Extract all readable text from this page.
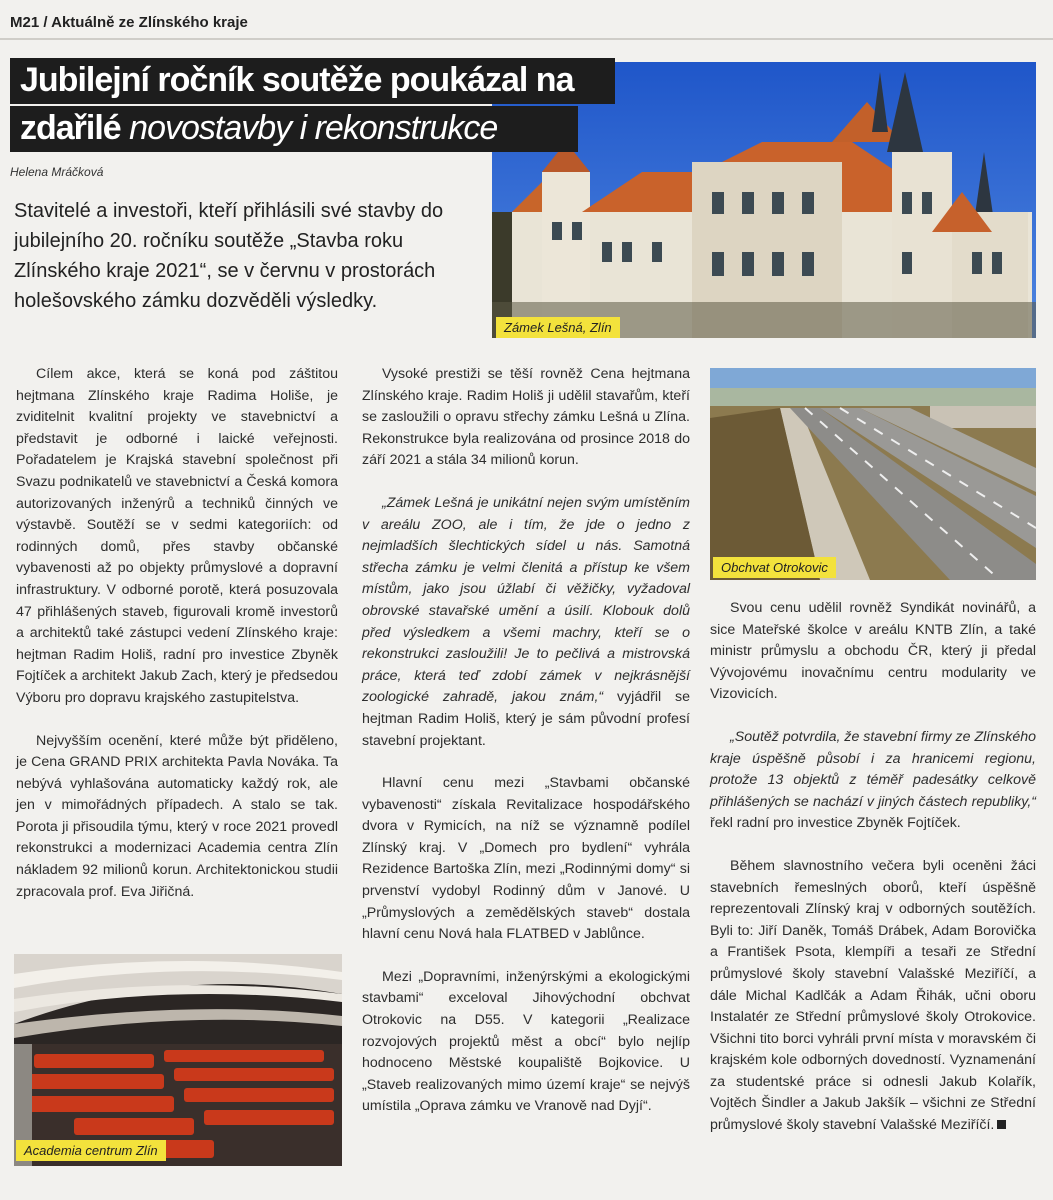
M21 / Aktuálně ze Zlínského kraje
Zámek Lešná, Zlín
Jubilejní ročník soutěže poukázal na
zdařilé novostavby i rekonstrukce
Helena Mráčková
Stavitelé a investoři, kteří přihlásili své stavby do jubilejního 20. ročníku soutěže „Stavba roku Zlínského kraje 2021“, se v červnu v prostorách holešovského zámku dozvěděli výsledky.

Cílem akce, která se koná pod záštitou hejtmana Zlínského kraje Radima Holiše, je zviditelnit kvalitní projekty ve stavebnictví a představit je odborné i laické veřejnosti. Pořadatelem je Krajská stavební společnost při Svazu podnikatelů ve stavebnictví a Česká komora autorizovaných inženýrů a techniků činných ve výstavbě. Soutěží se v sedmi kategoriích: od rodinných domů, přes stavby občanské vybavenosti až po objekty průmyslové a dopravní infrastruktury. V odborné porotě, která posuzovala 47 přihlášených staveb, figurovali kromě investorů a architektů také zástupci vedení Zlínského kraje: hejtman Radim Holiš, radní pro investice Zbyněk Fojtíček a architekt Jakub Zach, který je předsedou Výboru pro dopravu krajského zastupitelstva.

Nejvyšším ocenění, které může být přiděleno, je Cena GRAND PRIX architekta Pavla Nováka. Ta nebývá vyhlašována automaticky každý rok, ale jen v mimořádných případech. A stalo se tak. Porota ji přisoudila týmu, který v roce 2021 provedl rekonstrukci a modernizaci Academia centra Zlín nákladem 92 milionů korun. Architektonickou studii zpracovala prof. Eva Jiřičná.

Academia centrum Zlín

Vysoké prestiži se těší rovněž Cena hejtmana Zlínského kraje. Radim Holiš ji udělil stavařům, kteří se zasloužili o opravu střechy zámku Lešná u Zlína. Rekonstrukce byla realizována od prosince 2018 do září 2021 a stála 34 milionů korun.

„Zámek Lešná je unikátní nejen svým umístěním v areálu ZOO, ale i tím, že jde o jedno z nejmladších šlechtických sídel u nás. Samotná střecha zámku je velmi členitá a přístup ke všem místům, jako jsou úžlabí či věžičky, vyžadoval obrovské stavařské umění a úsilí. Klobouk dolů před výsledkem a všemi machry, kteří se o rekonstrukci zasloužili! Je to pečlivá a mistrovská práce, která teď zdobí zámek v nejkrásnější zoologické zahradě, jakou znám,“ vyjádřil se hejtman Radim Holiš, který je sám původní profesí stavební projektant.

Hlavní cenu mezi „Stavbami občanské vybavenosti“ získala Revitalizace hospodářského dvora v Rymicích, na níž se významně podílel Zlínský kraj. V „Domech pro bydlení“ vyhrála Rezidence Bartoška Zlín, mezi „Rodinnými domy“ si prvenství vydobyl Rodinný dům v Janové. U „Průmyslových a zemědělských staveb“ dostala hlavní cenu Nová hala FLATBED v Jablůnce.

Mezi „Dopravními, inženýrskými a ekologickými stavbami“ exceloval Jihovýchodní obchvat Otrokovic na D55. V kategorii „Realizace rozvojových projektů měst a obcí“ bylo nejlíp hodnoceno Městské koupaliště Bojkovice. U „Staveb realizovaných mimo území kraje“ se nejvýš umístila „Oprava zámku ve Vranově nad Dyjí“.

Obchvat Otrokovic

Svou cenu udělil rovněž Syndikát novinářů, a sice Mateřské školce v areálu KNTB Zlín, a také ministr průmyslu a obchodu ČR, který ji předal Vývojovému inovačnímu centru modularity ve Vizovicích.

„Soutěž potvrdila, že stavební firmy ze Zlínského kraje úspěšně působí i za hranicemi regionu, protože 13 objektů z téměř padesátky celkově přihlášených se nachází v jiných částech republiky,“ řekl radní pro investice Zbyněk Fojtíček.

Během slavnostního večera byli oceněni žáci stavebních řemeslných oborů, kteří úspěšně reprezentovali Zlínský kraj v odborných soutěžích. Byli to: Jiří Daněk, Tomáš Drábek, Adam Borovička a František Psota, klempíři a tesaři ze Střední průmyslové školy stavební Valašské Meziříčí, a dále Michal Kadlčák a Adam Řihák, učni oboru Instalatér ze Střední průmyslové školy Otrokovice. Všichni tito borci vyhráli první místa v moravském či krajském kole odborných dovedností. Vyznamenání za studentské práce si odnesli Jakub Kolařík, Vojtěch Šindler a Jakub Jakšík – všichni ze Střední průmyslové školy stavební Valašské Meziříčí.
